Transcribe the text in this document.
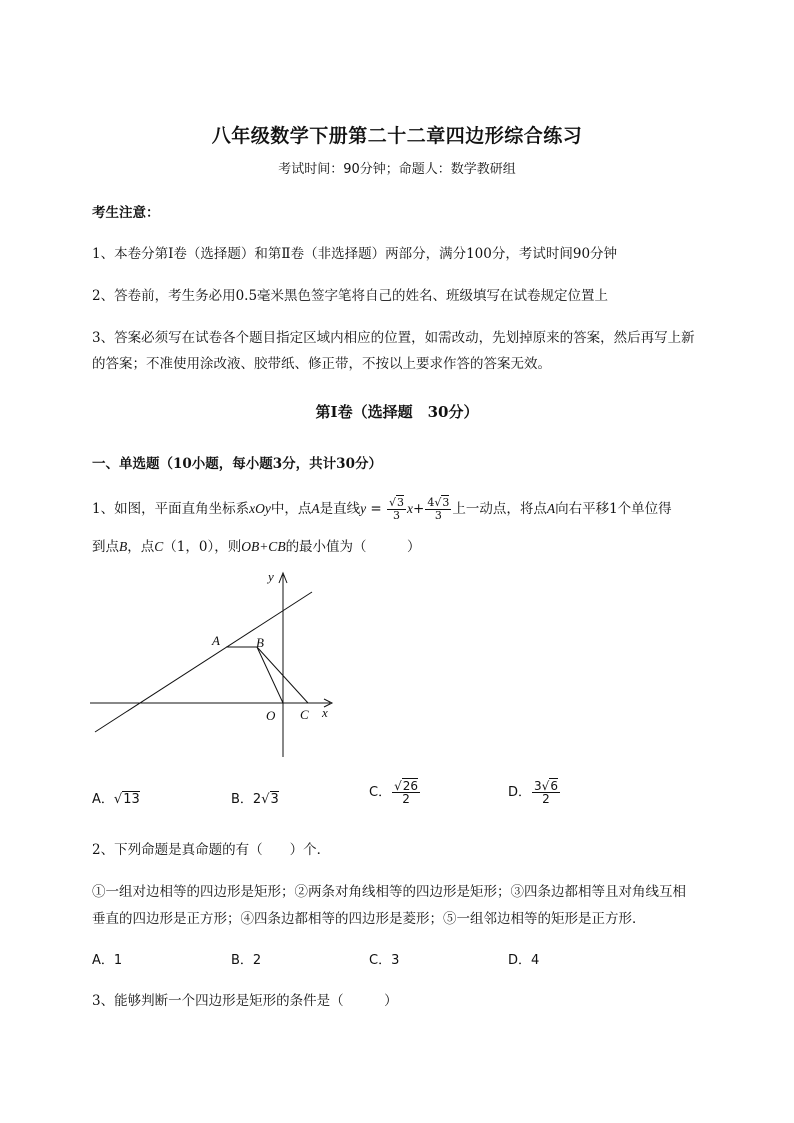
八年级数学下册第二十二章四边形综合练习
考试时间：90分钟；命题人：数学教研组
考生注意：
1、本卷分第Ⅰ卷（选择题）和第Ⅱ卷（非选择题）两部分，满分100分，考试时间90分钟
2、答卷前，考生务必用0.5毫米黑色签字笔将自己的姓名、班级填写在试卷规定位置上
3、答案必须写在试卷各个题目指定区域内相应的位置，如需改动，先划掉原来的答案，然后再写上新
的答案；不准使用涂改液、胶带纸、修正带，不按以上要求作答的答案无效。
第Ⅰ卷（选择题　30分）
一、单选题（10小题，每小题3分，共计30分）
1、如图，平面直角坐标系xOy中，点A是直线$y = \frac{√3}{3} x+ \frac{4√3}{3}$ 上一动点，将点A向右平移1个单位得
到点B，点C（1，0），则OB+CB的最小值为（　　　）
A	B
O C x
y
A．√13	B．2√3	C． $\frac{√26}{2}$	D． $\frac{3√6}{2}$
2、下列命题是真命题的有（　　）个．
①一组对边相等的四边形是矩形；②两条对角线相等的四边形是矩形；③四条边都相等且对角线互相
垂直的四边形是正方形；④四条边都相等的四边形是菱形；⑤一组邻边相等的矩形是正方形．
A．1	B．2	C．3	D．4
3、能够判断一个四边形是矩形的条件是（　　　）
